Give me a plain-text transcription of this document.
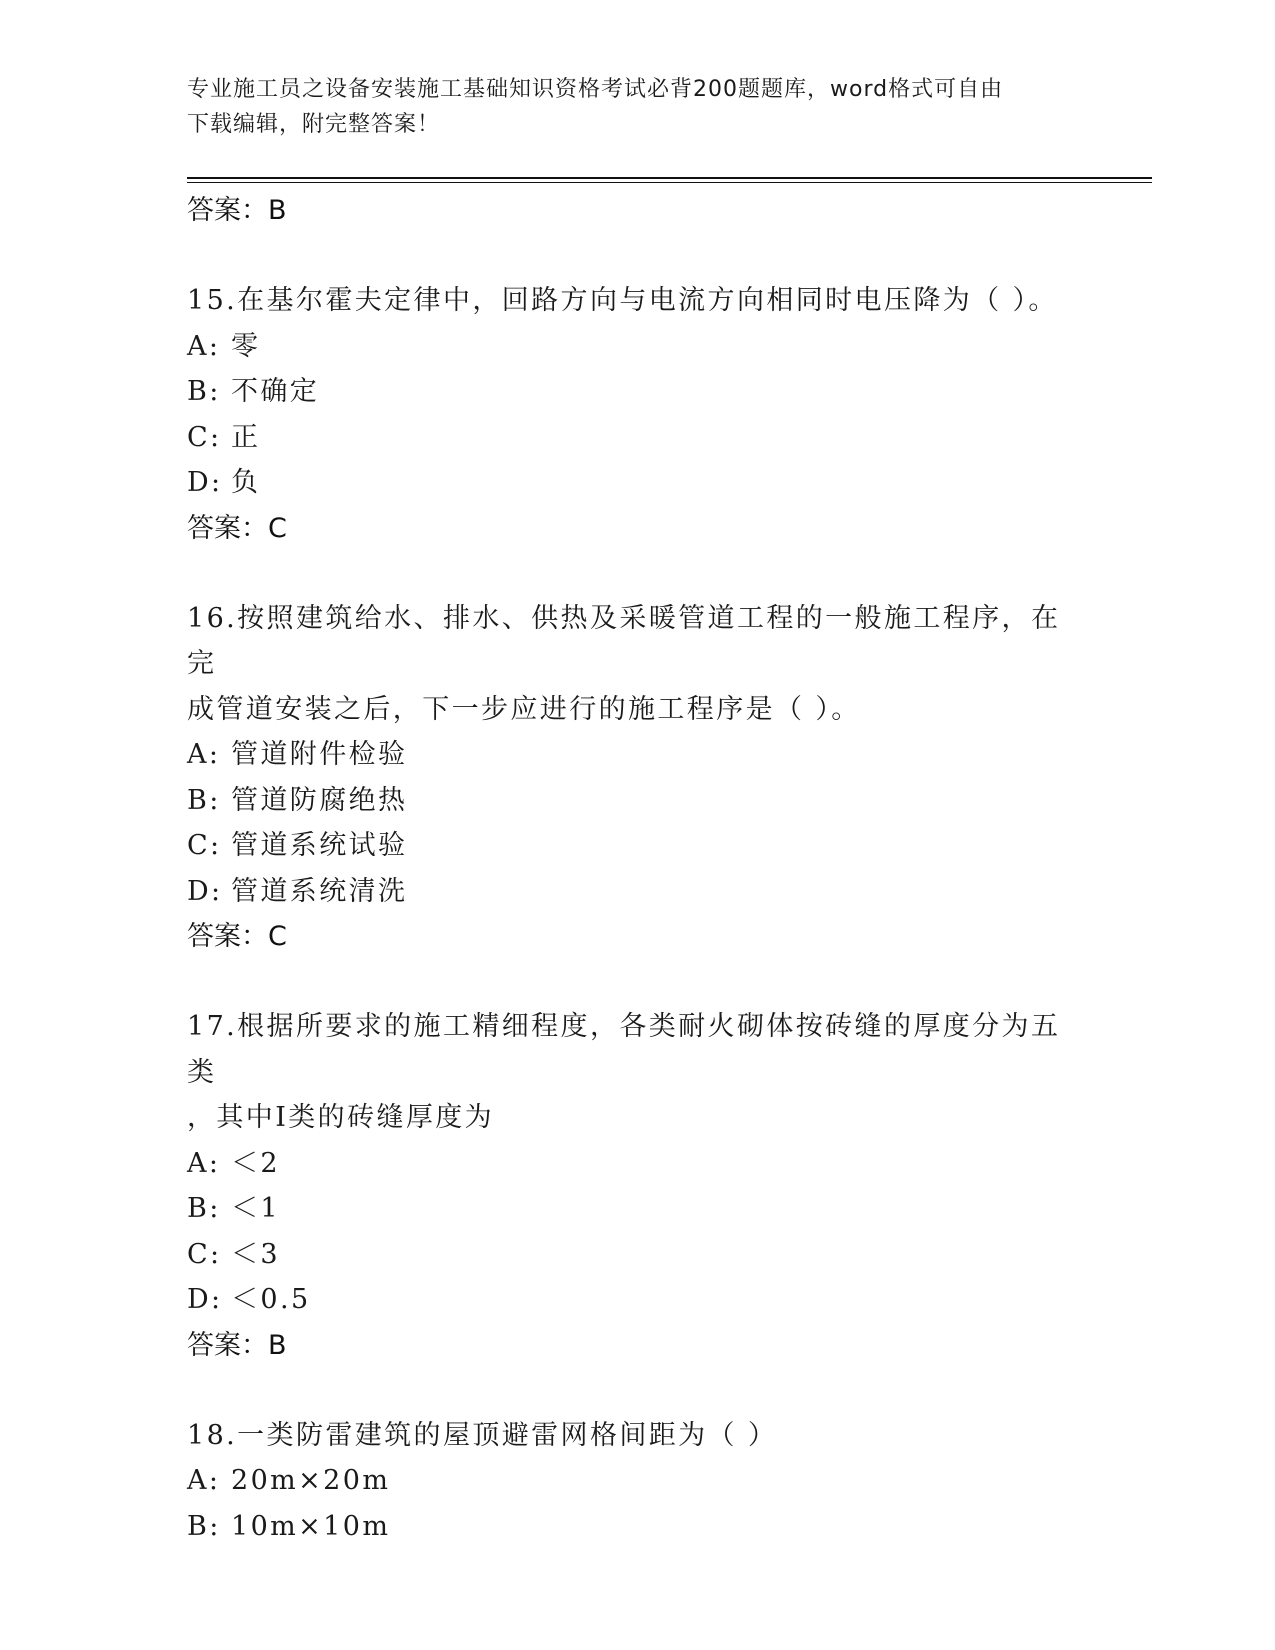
专业施工员之设备安装施工基础知识资格考试必背200题题库，word格式可自由
下载编辑，附完整答案！
答案：B
15.在基尔霍夫定律中，回路方向与电流方向相同时电压降为（ ）。
A: 零
B: 不确定
C: 正
D: 负
答案：C
16.按照建筑给水、排水、供热及采暖管道工程的一般施工程序，在完
成管道安装之后，下一步应进行的施工程序是（ ）。
A: 管道附件检验
B: 管道防腐绝热
C: 管道系统试验
D: 管道系统清洗
答案：C
17.根据所要求的施工精细程度，各类耐火砌体按砖缝的厚度分为五类
，其中Ⅰ类的砖缝厚度为
A: ＜2
B: ＜1
C: ＜3
D: ＜0.5
答案：B
18.一类防雷建筑的屋顶避雷网格间距为（ ）
A: 20m×20m
B: 10m×10m
